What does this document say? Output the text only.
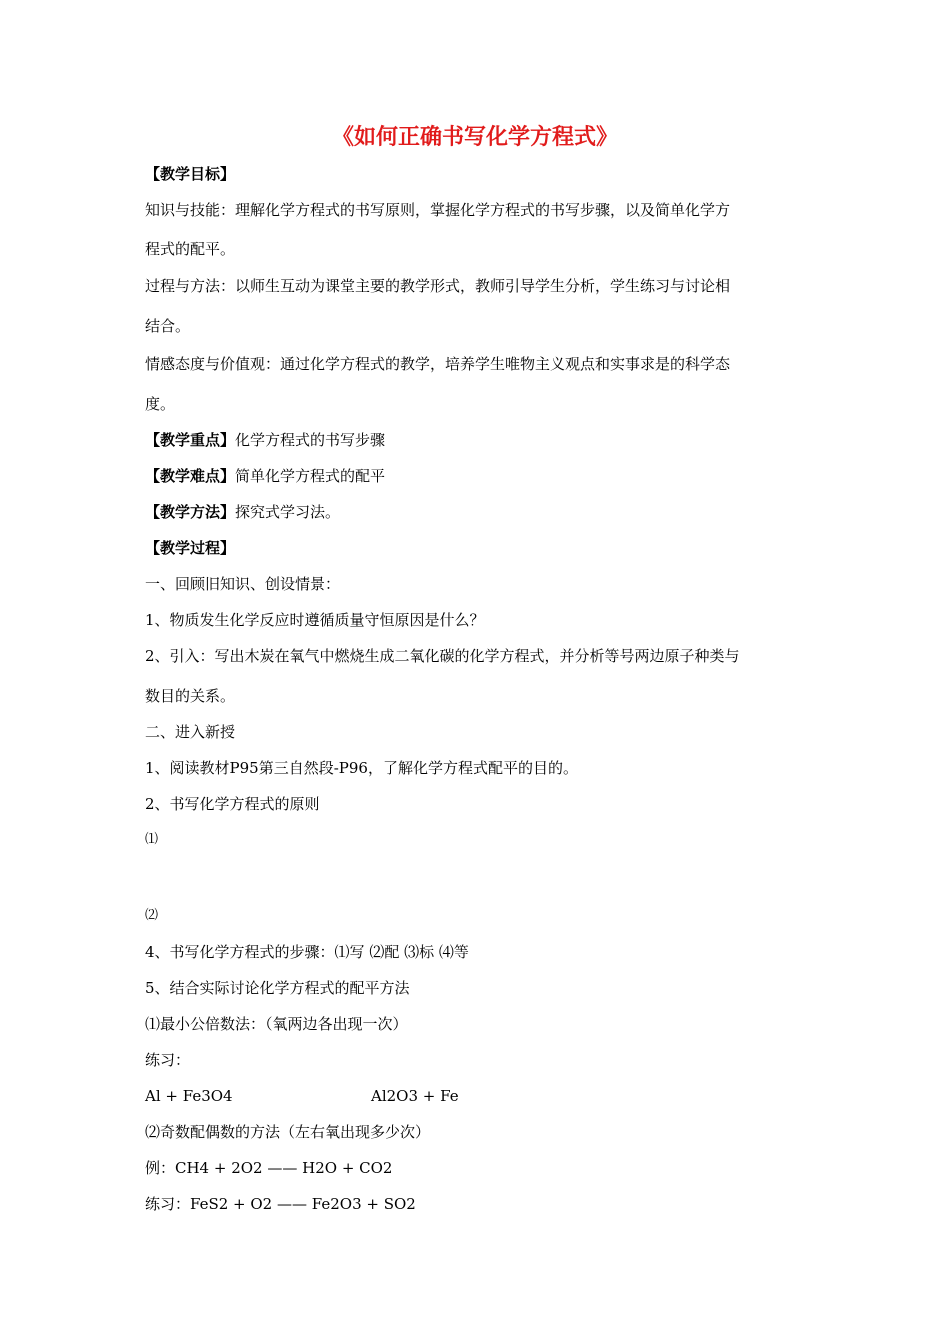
《如何正确书写化学方程式》
【教学目标】
知识与技能：理解化学方程式的书写原则，掌握化学方程式的书写步骤，以及简单化学方
程式的配平。
过程与方法：以师生互动为课堂主要的教学形式，教师引导学生分析，学生练习与讨论相
结合。
情感态度与价值观：通过化学方程式的教学，培养学生唯物主义观点和实事求是的科学态
度。
【教学重点】化学方程式的书写步骤
【教学难点】简单化学方程式的配平
【教学方法】探究式学习法。
【教学过程】
一、回顾旧知识、创设情景：
1、物质发生化学反应时遵循质量守恒原因是什么？
2、引入：写出木炭在氧气中燃烧生成二氧化碳的化学方程式，并分析等号两边原子种类与
数目的关系。
二、进入新授
1、阅读教材P95第三自然段-P96，了解化学方程式配平的目的。
2、书写化学方程式的原则
⑴
⑵
4、书写化学方程式的步骤：⑴写 ⑵配 ⑶标 ⑷等
5、结合实际讨论化学方程式的配平方法
⑴最小公倍数法：（氧两边各出现一次）
练习：
Al + Fe3O4	Al2O3 + Fe
⑵奇数配偶数的方法（左右氧出现多少次）
例：CH4 + 2O2 —— H2O + CO2
练习：FeS2 + O2 —— Fe2O3 + SO2
